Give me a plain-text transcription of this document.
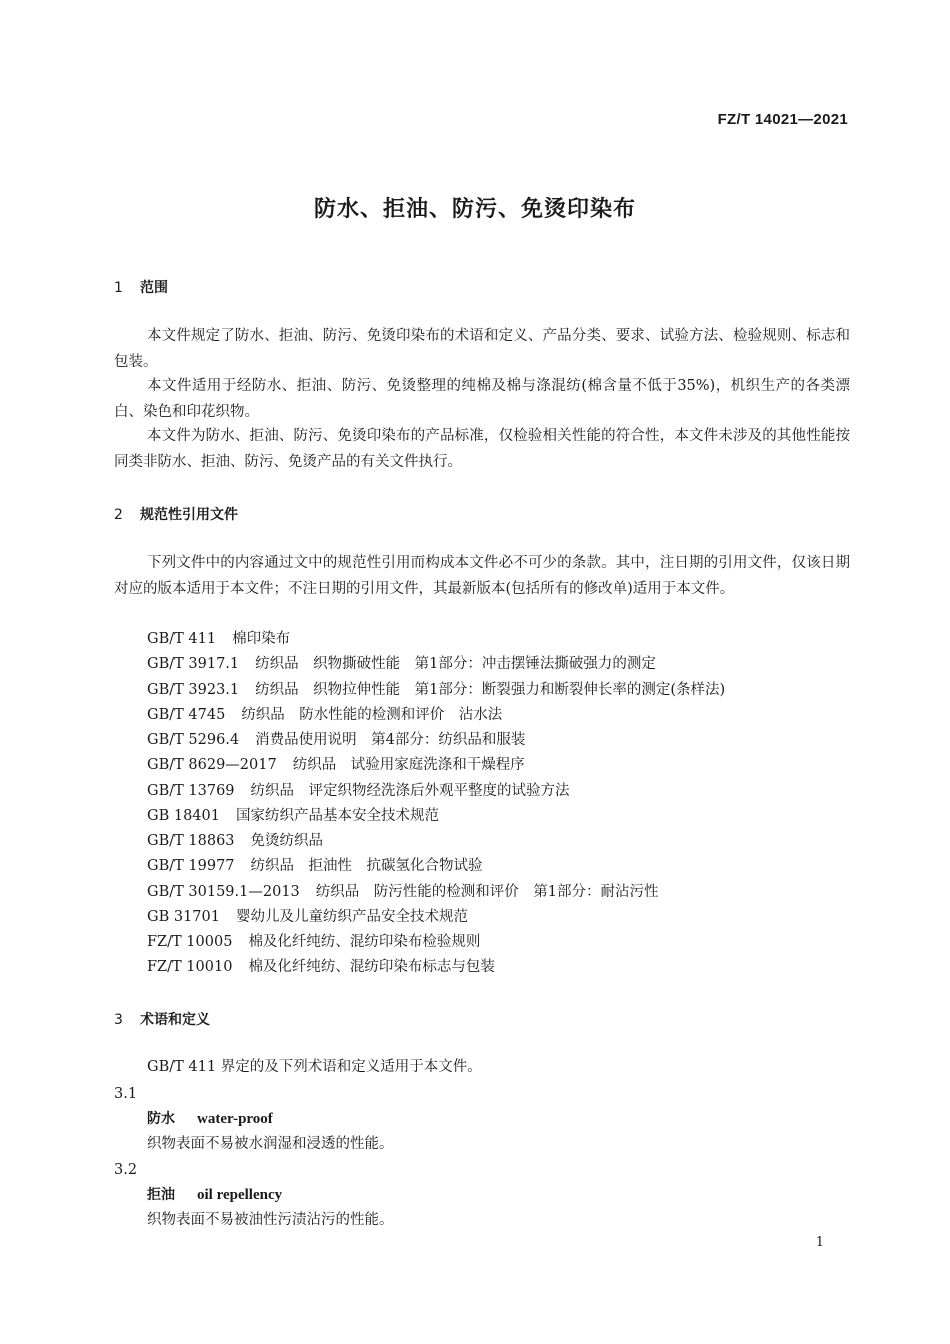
FZ/T 14021—2021
防水、拒油、防污、免烫印染布
1 范围

本文件规定了防水、拒油、防污、免烫印染布的术语和定义、产品分类、要求、试验方法、检验规则、标志和包装。

本文件适用于经防水、拒油、防污、免烫整理的纯棉及棉与涤混纺(棉含量不低于35%)，机织生产的各类漂白、染色和印花织物。

本文件为防水、拒油、防污、免烫印染布的产品标准，仅检验相关性能的符合性，本文件未涉及的其他性能按同类非防水、拒油、防污、免烫产品的有关文件执行。

2 规范性引用文件

下列文件中的内容通过文中的规范性引用而构成本文件必不可少的条款。其中，注日期的引用文件，仅该日期对应的版本适用于本文件；不注日期的引用文件，其最新版本(包括所有的修改单)适用于本文件。

GB/T 411 棉印染布
GB/T 3917.1 纺织品　织物撕破性能　第1部分：冲击摆锤法撕破强力的测定
GB/T 3923.1 纺织品　织物拉伸性能　第1部分：断裂强力和断裂伸长率的测定(条样法)
GB/T 4745 纺织品　防水性能的检测和评价　沾水法
GB/T 5296.4 消费品使用说明　第4部分：纺织品和服装
GB/T 8629—2017 纺织品　试验用家庭洗涤和干燥程序
GB/T 13769 纺织品　评定织物经洗涤后外观平整度的试验方法
GB 18401 国家纺织产品基本安全技术规范
GB/T 18863 免烫纺织品
GB/T 19977 纺织品　拒油性　抗碳氢化合物试验
GB/T 30159.1—2013 纺织品　防污性能的检测和评价　第1部分：耐沾污性
GB 31701 婴幼儿及儿童纺织产品安全技术规范
FZ/T 10005 棉及化纤纯纺、混纺印染布检验规则
FZ/T 10010 棉及化纤纯纺、混纺印染布标志与包装
3 术语和定义

GB/T 411 界定的及下列术语和定义适用于本文件。

3.1
防水 water-proof
织物表面不易被水润湿和浸透的性能。
3.2
拒油 oil repellency
织物表面不易被油性污渍沾污的性能。
1
